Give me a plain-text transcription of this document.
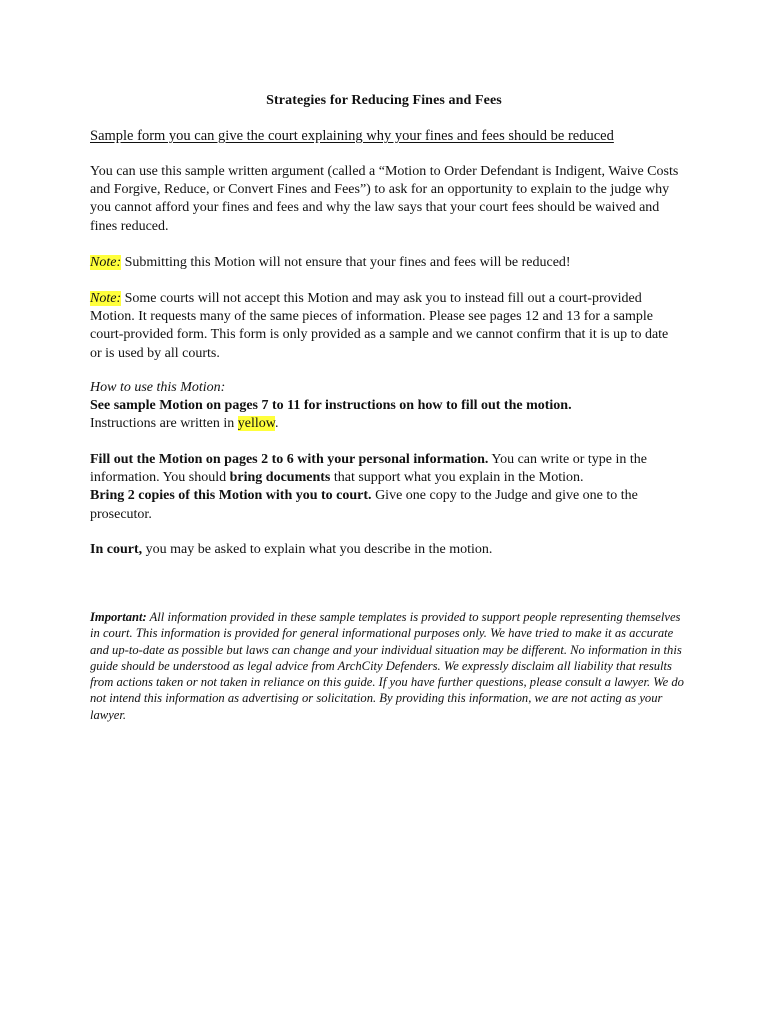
Strategies for Reducing Fines and Fees
Sample form you can give the court explaining why your fines and fees should be reduced
You can use this sample written argument (called a “Motion to Order Defendant is Indigent, Waive Costs and Forgive, Reduce, or Convert Fines and Fees”) to ask for an opportunity to explain to the judge why you cannot afford your fines and fees and why the law says that your court fees should be waived and fines reduced.
Note: Submitting this Motion will not ensure that your fines and fees will be reduced!
Note: Some courts will not accept this Motion and may ask you to instead fill out a court-provided Motion. It requests many of the same pieces of information. Please see pages 12 and 13 for a sample court-provided form. This form is only provided as a sample and we cannot confirm that it is up to date or is used by all courts.
How to use this Motion:
See sample Motion on pages 7 to 11 for instructions on how to fill out the motion.
Instructions are written in yellow.
Fill out the Motion on pages 2 to 6 with your personal information. You can write or type in the information. You should bring documents that support what you explain in the Motion.
Bring 2 copies of this Motion with you to court. Give one copy to the Judge and give one to the prosecutor.
In court, you may be asked to explain what you describe in the motion.
Important: All information provided in these sample templates is provided to support people representing themselves in court. This information is provided for general informational purposes only. We have tried to make it as accurate and up-to-date as possible but laws can change and your individual situation may be different. No information in this guide should be understood as legal advice from ArchCity Defenders. We expressly disclaim all liability that results from actions taken or not taken in reliance on this guide. If you have further questions, please consult a lawyer. We do not intend this information as advertising or solicitation. By providing this information, we are not acting as your lawyer.
